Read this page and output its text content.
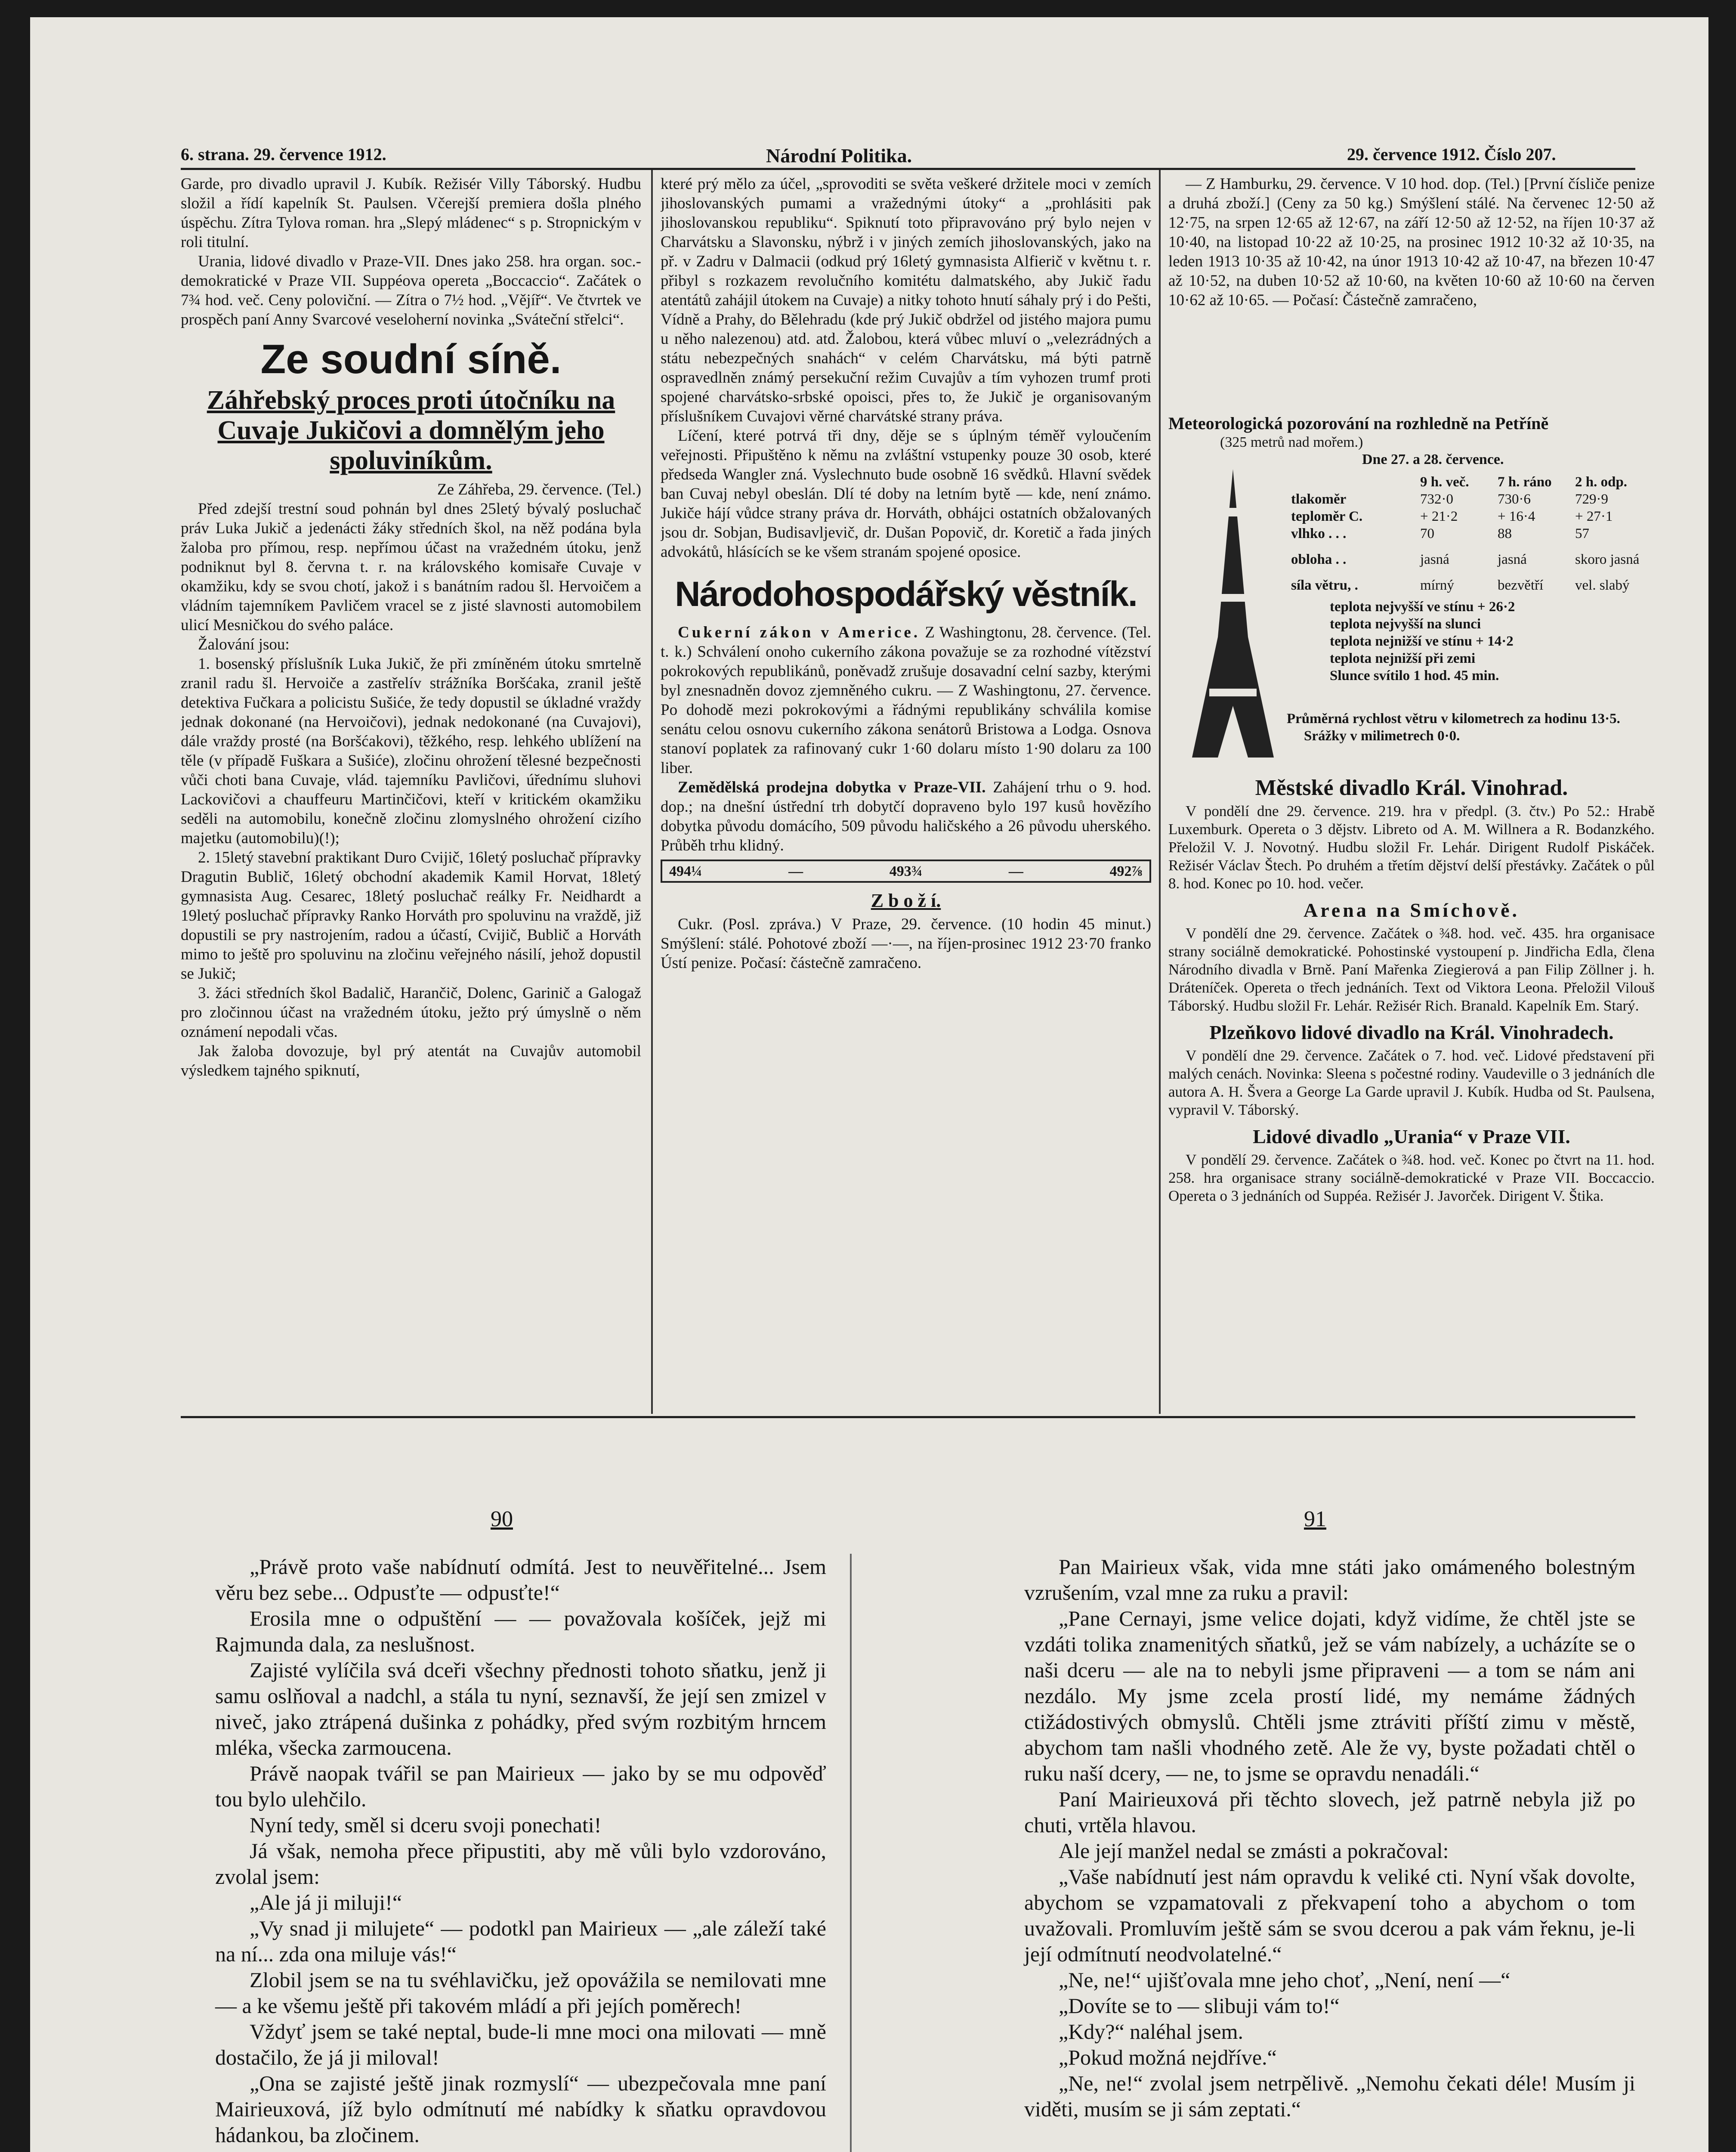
6. strana. 29. července 1912.	Národní Politika.	29. července 1912. Číslo 207.

Garde, pro divadlo upravil J. Kubík. Režisér Villy Táborský. Hudbu složil a řídí kapelník St. Paulsen. Včerejší premiera došla plného úspěchu. Zítra Tylova roman. hra „Slepý mládenec“ s p. Stropnickým v roli titulní.

Urania, lidové divadlo v Praze-VII. Dnes jako 258. hra organ. soc.-demokratické v Praze VII. Suppéova opereta „Boccaccio“. Začátek o 7¾ hod. več. Ceny poloviční. — Zítra o 7½ hod. „Vějíř“. Ve čtvrtek ve prospěch paní Anny Svarcové veseloherní novinka „Sváteční střelci“.

Ze soudní síně.
Záhřebský proces proti útočníku na Cuvaje Jukičovi a domnělým jeho spoluviníkům.

Ze Záhřeba, 29. července. (Tel.)

Před zdejší trestní soud pohnán byl dnes 25letý bývalý posluchač práv Luka Jukič a jedenácti žáky středních škol, na něž podána byla žaloba pro přímou, resp. nepřímou účast na vražedném útoku, jenž podniknut byl 8. června t. r. na královského komisaře Cuvaje v okamžiku, kdy se svou chotí, jakož i s banátním radou šl. Hervoičem a vládním tajemníkem Pavličem vracel se z jisté slavnosti automobilem ulicí Mesničkou do svého paláce.

Žalování jsou:

1. bosenský příslušník Luka Jukič, že při zmíněném útoku smrtelně zranil radu šl. Hervoiče a zastřelív strážníka Boršćaka, zranil ještě detektiva Fučkara a policistu Sušiće, že tedy dopustil se úkladné vraždy jednak dokonané (na Hervoičovi), jednak nedokonané (na Cuvajovi), dále vraždy prosté (na Boršćakovi), těžkého, resp. lehkého ublížení na těle (v případě Fuškara a Sušiće), zločinu ohrožení tělesné bezpečnosti vůči choti bana Cuvaje, vlád. tajemníku Pavličovi, úřednímu sluhovi Lackovičovi a chauffeuru Martinčičovi, kteří v kritickém okamžiku seděli na automobilu, konečně zločinu zlomyslného ohrožení cizího majetku (automobilu)(!);

2. 15letý stavební praktikant Duro Cvijič, 16letý posluchač přípravky Dragutin Bublič, 16letý obchodní akademik Kamil Horvat, 18letý gymnasista Aug. Cesarec, 18letý posluchač reálky Fr. Neidhardt a 19letý posluchač přípravky Ranko Horváth pro spoluvinu na vraždě, již dopustili se pry nastrojením, radou a účastí, Cvijič, Bublič a Horváth mimo to ještě pro spoluvinu na zločinu veřejného násilí, jehož dopustil se Jukič;

3. žáci středních škol Badalič, Harančič, Dolenc, Garinič a Galogaž pro zločinnou účast na vražedném útoku, ježto prý úmyslně o něm oznámení nepodali včas.

Jak žaloba dovozuje, byl prý atentát na Cuvajův automobil výsledkem tajného spiknutí,

které prý mělo za účel, „sprovoditi se světa veškeré držitele moci v zemích jihoslovanských pumami a vražednými útoky“ a „prohlásiti pak jihoslovanskou republiku“. Spiknutí toto připravováno prý bylo nejen v Charvátsku a Slavonsku, nýbrž i v jiných zemích jihoslovanských, jako na př. v Zadru v Dalmacii (odkud prý 16letý gymnasista Alfierič v květnu t. r. přibyl s rozkazem revolučního komitétu dalmatského, aby Jukič řadu atentátů zahájil útokem na Cuvaje) a nitky tohoto hnutí sáhaly prý i do Pešti, Vídně a Prahy, do Bělehradu (kde prý Jukič obdržel od jistého majora pumu u něho nalezenou) atd. atd. Žalobou, která vůbec mluví o „velezrádných a státu nebezpečných snahách“ v celém Charvátsku, má býti patrně ospravedlněn známý persekuční režim Cuvajův a tím vyhozen trumf proti spojené charvátsko-srbské opoisci, přes to, že Jukič je organisovaným příslušníkem Cuvajovi věrné charvátské strany práva.

Líčení, které potrvá tři dny, děje se s úplným téměř vyloučením veřejnosti. Připuštěno k němu na zvláštní vstupenky pouze 30 osob, které předseda Wangler zná. Vyslechnuto bude osobně 16 svědků. Hlavní svědek ban Cuvaj nebyl obeslán. Dlí té doby na letním bytě — kde, není známo. Jukiče hájí vůdce strany práva dr. Horváth, obhájci ostatních obžalovaných jsou dr. Sobjan, Budisavljevič, dr. Dušan Popovič, dr. Koretič a řada jiných advokátů, hlásících se ke všem stranám spojené oposice.

Národohospodářský věstník.

Cukerní zákon v Americe. Z Washingtonu, 28. července. (Tel. t. k.) Schválení onoho cukerního zákona považuje se za rozhodné vítězství pokrokových republikánů, poněvadž zrušuje dosavadní celní sazby, kterými byl znesnadněn dovoz zjemněného cukru. — Z Washingtonu, 27. července. Po dohodě mezi pokrokovými a řádnými republikány schválila komise senátu celou osnovu cukerního zákona senátorů Bristowa a Lodga. Osnova stanoví poplatek za rafinovaný cukr 1·60 dolaru místo 1·90 dolaru za 100 liber.

Zemědělská prodejna dobytka v Praze-VII. Zahájení trhu o 9. hod. dop.; na dnešní ústřední trh dobytčí dopraveno bylo 197 kusů hovězího dobytka původu domácího, 509 původu haličského a 26 původu uherského. Průběh trhu klidný.

494¼	—	493¾	—	492⅞
Z b o ž í.

Cukr. (Posl. zpráva.) V Praze, 29. července. (10 hodin 45 minut.) Smýšlení: stálé. Pohotové zboží —·—, na říjen-prosinec 1912 23·70 franko Ústí penize. Počasí: částečně zamračeno.

— Z Hamburku, 29. července. V 10 hod. dop. (Tel.) [První čísliče penize a druhá zboží.] (Ceny za 50 kg.) Smýšlení stálé. Na červenec 12·50 až 12·75, na srpen 12·65 až 12·67, na září 12·50 až 12·52, na říjen 10·37 až 10·40, na listopad 10·22 až 10·25, na prosinec 1912 10·32 až 10·35, na leden 1913 10·35 až 10·42, na únor 1913 10·42 až 10·47, na březen 10·47 až 10·52, na duben 10·52 až 10·60, na květen 10·60 až 10·60 na červen 10·62 až 10·65. — Počasí: Částečně zamračeno,

Meteorologická pozorování na rozhledně na Petříně
(325 metrů nad mořem.)
Dne 27. a 28. července.
9 h. več.	7 h. ráno	2 h. odp.
tlakoměr	732·0	730·6	729·9
teploměr C.	+ 21·2	+ 16·4	+ 27·1
vlhko . . .	70	88	57
obloha . .	jasná	jasná	skoro jasná
síla větru, .	mírný	bezvětří	vel. slabý
teplota nejvyšší ve stínu + 26·2
teplota nejvyšší na slunci
teplota nejnižší ve stínu + 14·2
teplota nejnižší při zemi
Slunce svítilo 1 hod. 45 min.
Průměrná rychlost větru v kilometrech za hodinu 13·5.
Srážky v milimetrech 0·0.
Městské divadlo Král. Vinohrad.

V pondělí dne 29. července. 219. hra v předpl. (3. čtv.) Po 52.: Hrabě Luxemburk. Opereta o 3 dějstv. Libreto od A. M. Willnera a R. Bodanzkého. Přeložil V. J. Novotný. Hudbu složil Fr. Lehár. Dirigent Rudolf Piskáček. Režisér Václav Štech. Po druhém a třetím dějství delší přestávky. Začátek o půl 8. hod. Konec po 10. hod. večer.

Arena na Smíchově.

V pondělí dne 29. července. Začátek o ¾8. hod. več. 435. hra organisace strany sociálně demokratické. Pohostinské vystoupení p. Jindřicha Edla, člena Národního divadla v Brně. Paní Mařenka Ziegierová a pan Filip Zöllner j. h. Dráteníček. Opereta o třech jednáních. Text od Viktora Leona. Přeložil Vilouš Táborský. Hudbu složil Fr. Lehár. Režisér Rich. Branald. Kapelník Em. Starý.

Plzeňkovo lidové divadlo na Král. Vinohradech.

V pondělí dne 29. července. Začátek o 7. hod. več. Lidové představení při malých cenách. Novinka: Sleena s počestné rodiny. Vaudeville o 3 jednáních dle autora A. H. Švera a George La Garde upravil J. Kubík. Hudba od St. Paulsena, vypravil V. Táborský.

Lidové divadlo „Urania“ v Praze VII.

V pondělí 29. července. Začátek o ¾8. hod. več. Konec po čtvrt na 11. hod. 258. hra organisace strany sociálně-demokratické v Praze VII. Boccaccio. Opereta o 3 jednáních od Suppéa. Režisér J. Javorček. Dirigent V. Štika.

90	91

„Právě proto vaše nabídnutí odmítá. Jest to neuvěřitelné... Jsem věru bez sebe... Odpusťte — odpusťte!“

Erosila mne o odpuštění — — považovala košíček, jejž mi Rajmunda dala, za neslušnost.

Zajisté vylíčila svá dceři všechny přednosti tohoto sňatku, jenž ji samu oslňoval a nadchl, a stála tu nyní, seznavší, že její sen zmizel v niveč, jako ztrápená dušinka z pohádky, před svým rozbitým hrncem mléka, všecka zarmoucena.

Právě naopak tvářil se pan Mairieux — jako by se mu odpověď tou bylo ulehčilo.

Nyní tedy, směl si dceru svoji ponechati!

Já však, nemoha přece připustiti, aby mě vůli bylo vzdorováno, zvolal jsem:

„Ale já ji miluji!“

„Vy snad ji milujete“ — podotkl pan Mairieux — „ale záleží také na ní... zda ona miluje vás!“

Zlobil jsem se na tu svéhlavičku, jež opovážila se nemilovati mne — a ke všemu ještě při takovém mládí a při jejích poměrech!

Vždyť jsem se také neptal, bude-li mne moci ona milovati — mně dostačilo, že já ji miloval!

„Ona se zajisté ještě jinak rozmyslí“ — ubezpečovala mne paní Mairieuxová, jíž bylo odmítnutí mé nabídky k sňatku opravdovou hádankou, ba zločinem.

Pan Mairieux však, vida mne státi jako omámeného bolestným vzrušením, vzal mne za ruku a pravil:

„Pane Cernayi, jsme velice dojati, když vidíme, že chtěl jste se vzdáti tolika znamenitých sňatků, jež se vám nabízely, a ucházíte se o naši dceru — ale na to nebyli jsme připraveni — a tom se nám ani nezdálo. My jsme zcela prostí lidé, my nemáme žádných ctižádostivých obmyslů. Chtěli jsme ztráviti příští zimu v městě, abychom tam našli vhodného zetě. Ale že vy, byste požadati chtěl o ruku naší dcery, — ne, to jsme se opravdu nenadáli.“

Paní Mairieuxová při těchto slovech, jež patrně nebyla již po chuti, vrtěla hlavou.

Ale její manžel nedal se zmásti a pokračoval:

„Vaše nabídnutí jest nám opravdu k veliké cti. Nyní však dovolte, abychom se vzpamatovali z překvapení toho a abychom o tom uvažovali. Promluvím ještě sám se svou dcerou a pak vám řeknu, je-li její odmítnutí neodvolatelné.“

„Ne, ne!“ ujišťovala mne jeho choť, „Není, není —“

„Dovíte se to — slibuji vám to!“

„Kdy?“ naléhal jsem.

„Pokud možná nejdříve.“

„Ne, ne!“ zvolal jsem netrpělivě. „Nemohu čekati déle! Musím ji viděti, musím se ji sám zeptati.“
